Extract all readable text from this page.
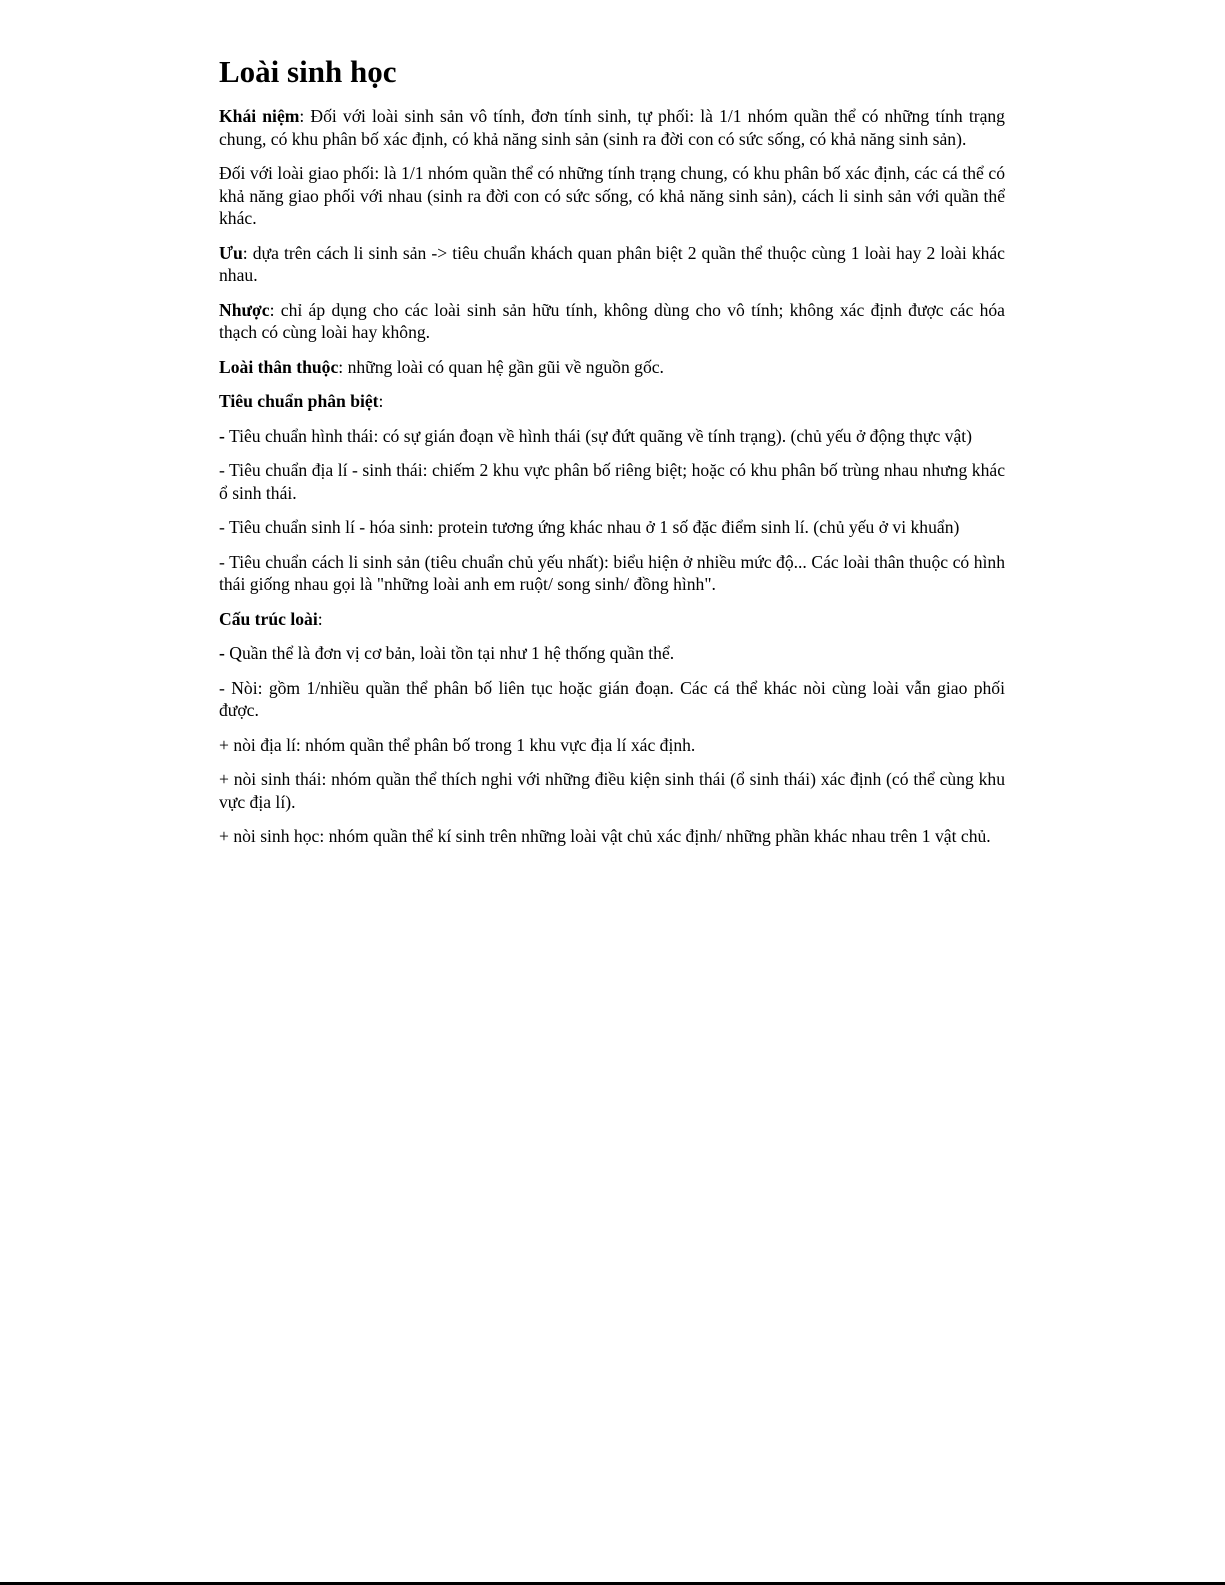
Loài sinh học

Khái niệm: Đối với loài sinh sản vô tính, đơn tính sinh, tự phối: là 1/1 nhóm quần thể có những tính trạng chung, có khu phân bố xác định, có khả năng sinh sản (sinh ra đời con có sức sống, có khả năng sinh sản).

Đối với loài giao phối: là 1/1 nhóm quần thể có những tính trạng chung, có khu phân bố xác định, các cá thể có khả năng giao phối với nhau (sinh ra đời con có sức sống, có khả năng sinh sản), cách li sinh sản với quần thể khác.

Ưu: dựa trên cách li sinh sản -> tiêu chuẩn khách quan phân biệt 2 quần thể thuộc cùng 1 loài hay 2 loài khác nhau.

Nhược: chỉ áp dụng cho các loài sinh sản hữu tính, không dùng cho vô tính; không xác định được các hóa thạch có cùng loài hay không.

Loài thân thuộc: những loài có quan hệ gần gũi về nguồn gốc.

Tiêu chuẩn phân biệt:

- Tiêu chuẩn hình thái: có sự gián đoạn về hình thái (sự đứt quãng về tính trạng). (chủ yếu ở động thực vật)

- Tiêu chuẩn địa lí - sinh thái: chiếm 2 khu vực phân bố riêng biệt; hoặc có khu phân bố trùng nhau nhưng khác ổ sinh thái.

- Tiêu chuẩn sinh lí - hóa sinh: protein tương ứng khác nhau ở 1 số đặc điểm sinh lí. (chủ yếu ở vi khuẩn)

- Tiêu chuẩn cách li sinh sản (tiêu chuẩn chủ yếu nhất): biểu hiện ở nhiều mức độ... Các loài thân thuộc có hình thái giống nhau gọi là "những loài anh em ruột/ song sinh/ đồng hình".

Cấu trúc loài:

- Quần thể là đơn vị cơ bản, loài tồn tại như 1 hệ thống quần thể.

- Nòi: gồm 1/nhiều quần thể phân bố liên tục hoặc gián đoạn. Các cá thể khác nòi cùng loài vẫn giao phối được.

+ nòi địa lí: nhóm quần thể phân bố trong 1 khu vực địa lí xác định.

+ nòi sinh thái: nhóm quần thể thích nghi với những điều kiện sinh thái (ổ sinh thái) xác định (có thể cùng khu vực địa lí).

+ nòi sinh học: nhóm quần thể kí sinh trên những loài vật chủ xác định/ những phần khác nhau trên 1 vật chủ.
